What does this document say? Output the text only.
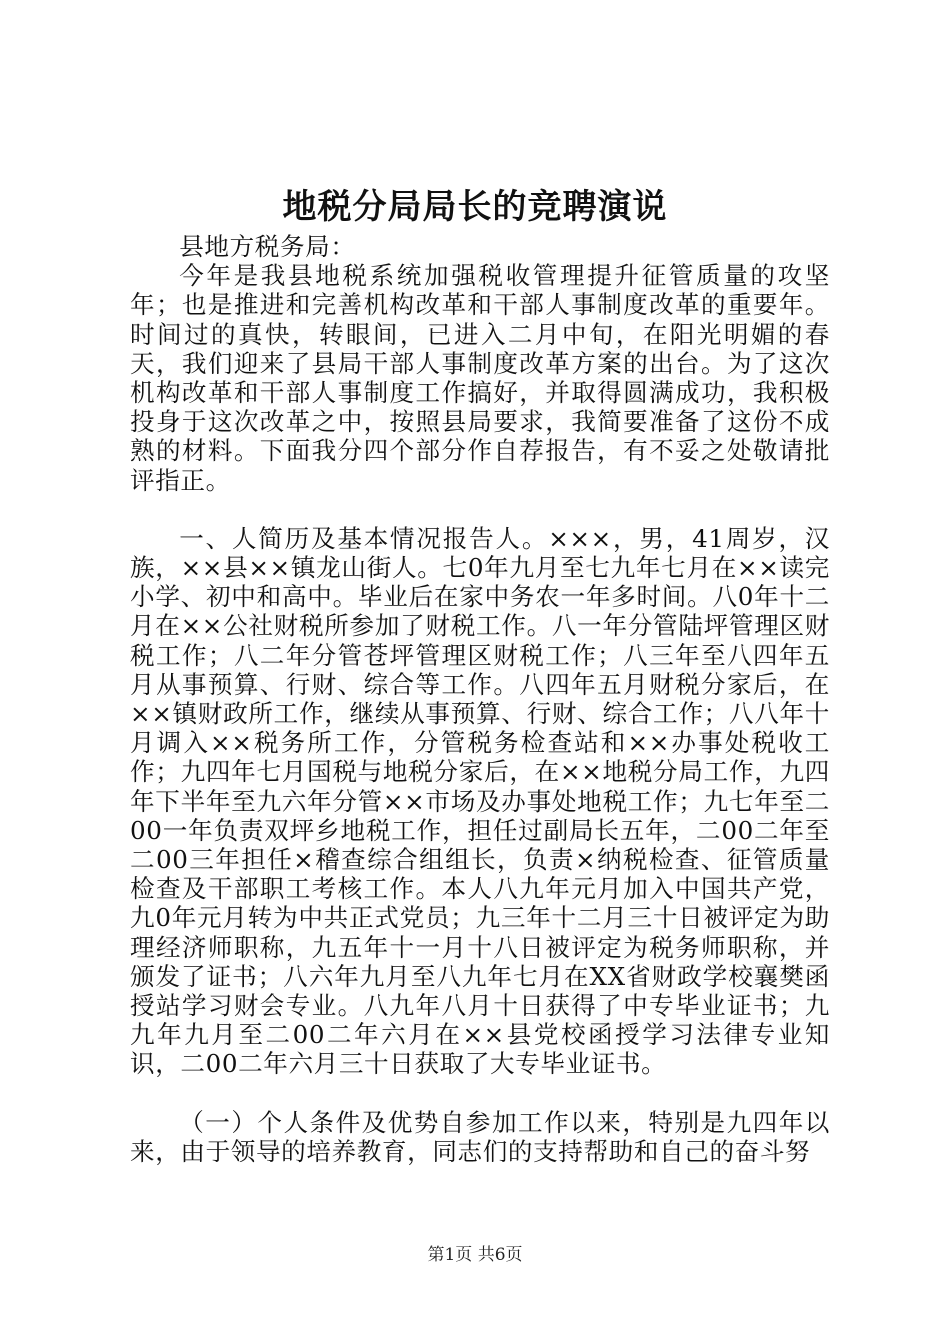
地税分局局长的竞聘演说

县地方税务局：

今年是我县地税系统加强税收管理提升征管质量的攻坚年；也是推进和完善机构改革和干部人事制度改革的重要年。时间过的真快，转眼间，已进入二月中旬，在阳光明媚的春天，我们迎来了县局干部人事制度改革方案的出台。为了这次机构改革和干部人事制度工作搞好，并取得圆满成功，我积极投身于这次改革之中，按照县局要求，我简要准备了这份不成熟的材料。下面我分四个部分作自荐报告，有不妥之处敬请批评指正。

一、人简历及基本情况报告人。×××，男，41周岁，汉族，××县××镇龙山街人。七0年九月至七九年七月在××读完小学、初中和高中。毕业后在家中务农一年多时间。八0年十二月在××公社财税所参加了财税工作。八一年分管陆坪管理区财税工作；八二年分管苍坪管理区财税工作；八三年至八四年五月从事预算、行财、综合等工作。八四年五月财税分家后，在××镇财政所工作，继续从事预算、行财、综合工作；八八年十月调入××税务所工作，分管税务检查站和××办事处税收工作；九四年七月国税与地税分家后，在××地税分局工作，九四年下半年至九六年分管××市场及办事处地税工作；九七年至二00一年负责双坪乡地税工作，担任过副局长五年，二00二年至二00三年担任×稽查综合组组长，负责×纳税检查、征管质量检查及干部职工考核工作。本人八九年元月加入中国共产党，九0年元月转为中共正式党员；九三年十二月三十日被评定为助理经济师职称，九五年十一月十八日被评定为税务师职称，并颁发了证书；八六年九月至八九年七月在XX省财政学校襄樊函授站学习财会专业。八九年八月十日获得了中专毕业证书；九九年九月至二00二年六月在××县党校函授学习法律专业知识，二00二年六月三十日获取了大专毕业证书。

（一）个人条件及优势自参加工作以来，特别是九四年以来，由于领导的培养教育，同志们的支持帮助和自己的奋斗努

第1页 共6页
